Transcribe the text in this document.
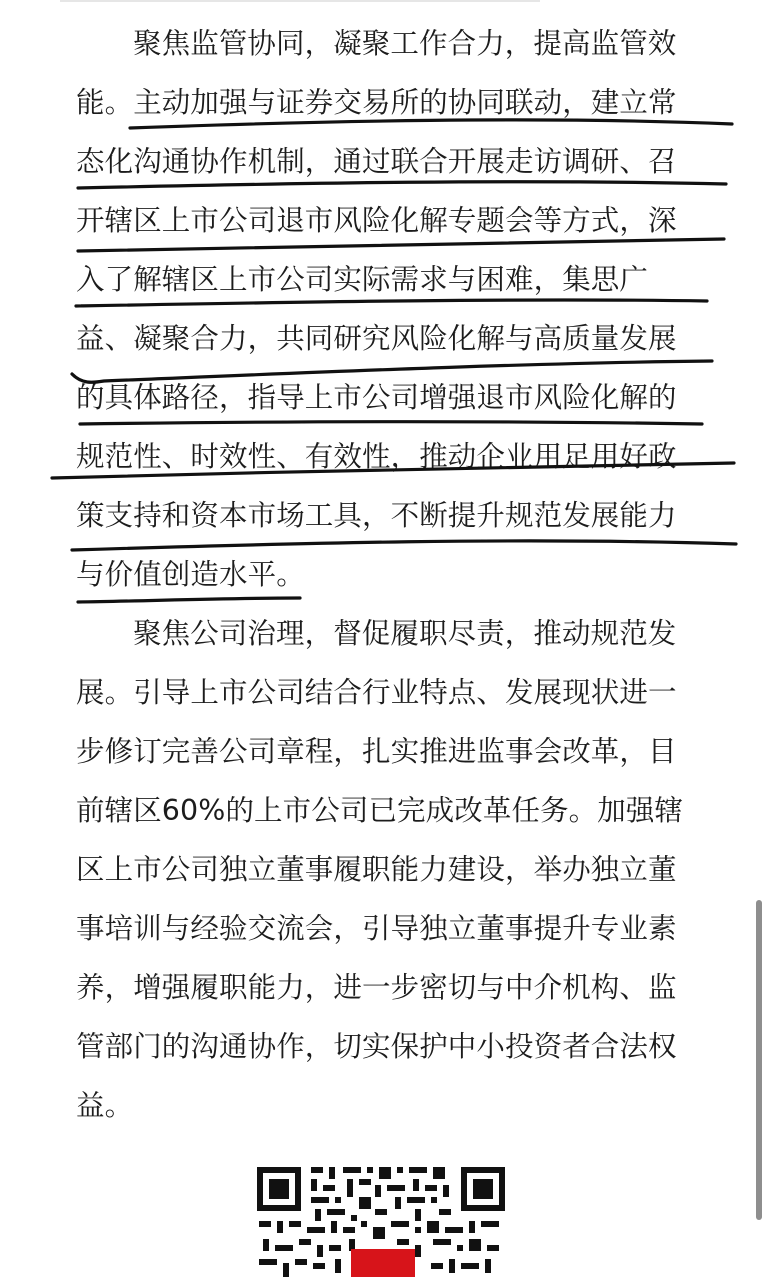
聚焦监管协同，凝聚工作合力，提高监管效
能。主动加强与证券交易所的协同联动，建立常
态化沟通协作机制，通过联合开展走访调研、召
开辖区上市公司退市风险化解专题会等方式，深
入了解辖区上市公司实际需求与困难，集思广
益、凝聚合力，共同研究风险化解与高质量发展
的具体路径，指导上市公司增强退市风险化解的
规范性、时效性、有效性，推动企业用足用好政
策支持和资本市场工具，不断提升规范发展能力
与价值创造水平。
聚焦公司治理，督促履职尽责，推动规范发
展。引导上市公司结合行业特点、发展现状进一
步修订完善公司章程，扎实推进监事会改革，目
前辖区60%的上市公司已完成改革任务。加强辖
区上市公司独立董事履职能力建设，举办独立董
事培训与经验交流会，引导独立董事提升专业素
养，增强履职能力，进一步密切与中介机构、监
管部门的沟通协作，切实保护中小投资者合法权
益。
